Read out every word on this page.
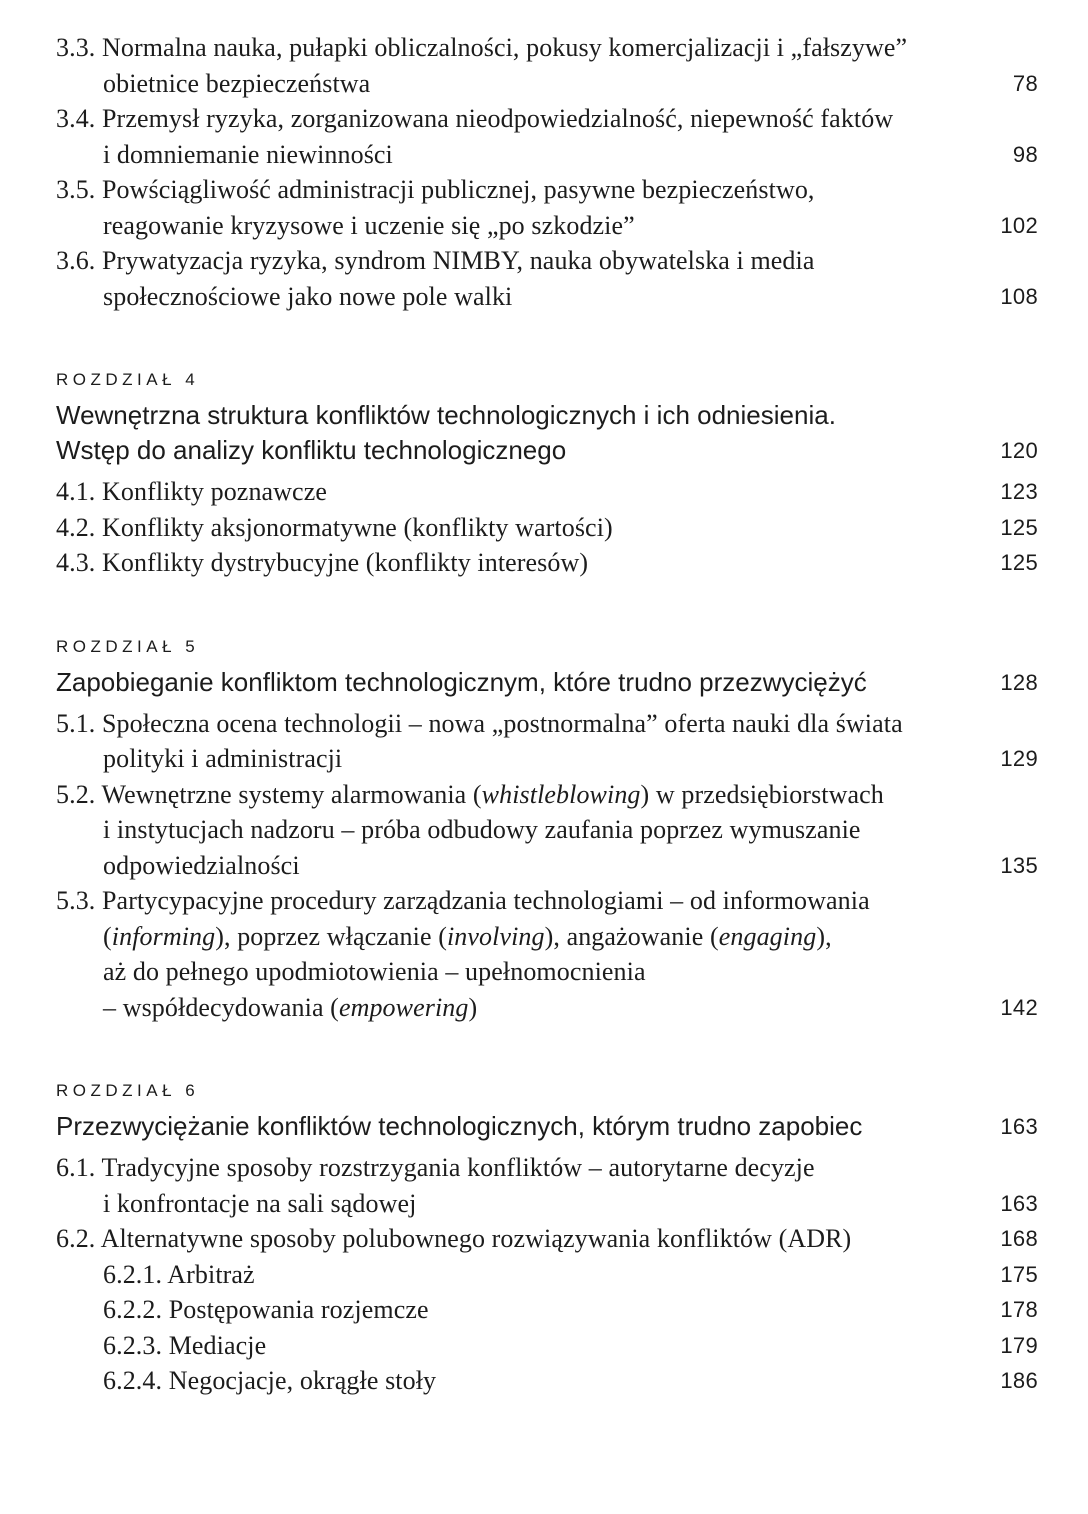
3.3. Normalna nauka, pułapki obliczalności, pokusy komercjalizacji i „fałszywe”
obietnice bezpieczeństwa	78
3.4. Przemysł ryzyka, zorganizowana nieodpowiedzialność, niepewność faktów
i domniemanie niewinności	98
3.5. Powściągliwość administracji publicznej, pasywne bezpieczeństwo,
reagowanie kryzysowe i uczenie się „po szkodzie”	102
3.6. Prywatyzacja ryzyka, syndrom NIMBY, nauka obywatelska i media
społecznościowe jako nowe pole walki	108
ROZDZIAŁ 4
Wewnętrzna struktura konfliktów technologicznych i ich odniesienia.
Wstęp do analizy konfliktu technologicznego	120
4.1. Konflikty poznawcze	123
4.2. Konflikty aksjonormatywne (konflikty wartości)	125
4.3. Konflikty dystrybucyjne (konflikty interesów)	125
ROZDZIAŁ 5
Zapobieganie konfliktom technologicznym, które trudno przezwyciężyć	128
5.1. Społeczna ocena technologii – nowa „postnormalna” oferta nauki dla świata
polityki i administracji	129
5.2. Wewnętrzne systemy alarmowania (whistleblowing) w przedsiębiorstwach
i instytucjach nadzoru – próba odbudowy zaufania poprzez wymuszanie
odpowiedzialności	135
5.3. Partycypacyjne procedury zarządzania technologiami – od informowania
(informing), poprzez włączanie (involving), angażowanie (engaging),
aż do pełnego upodmiotowienia – upełnomocnienia
– współdecydowania (empowering)	142
ROZDZIAŁ 6
Przezwyciężanie konfliktów technologicznych, którym trudno zapobiec	163
6.1. Tradycyjne sposoby rozstrzygania konfliktów – autorytarne decyzje
i konfrontacje na sali sądowej	163
6.2. Alternatywne sposoby polubownego rozwiązywania konfliktów (ADR)	168
6.2.1. Arbitraż	175
6.2.2. Postępowania rozjemcze	178
6.2.3. Mediacje	179
6.2.4. Negocjacje, okrągłe stoły	186
